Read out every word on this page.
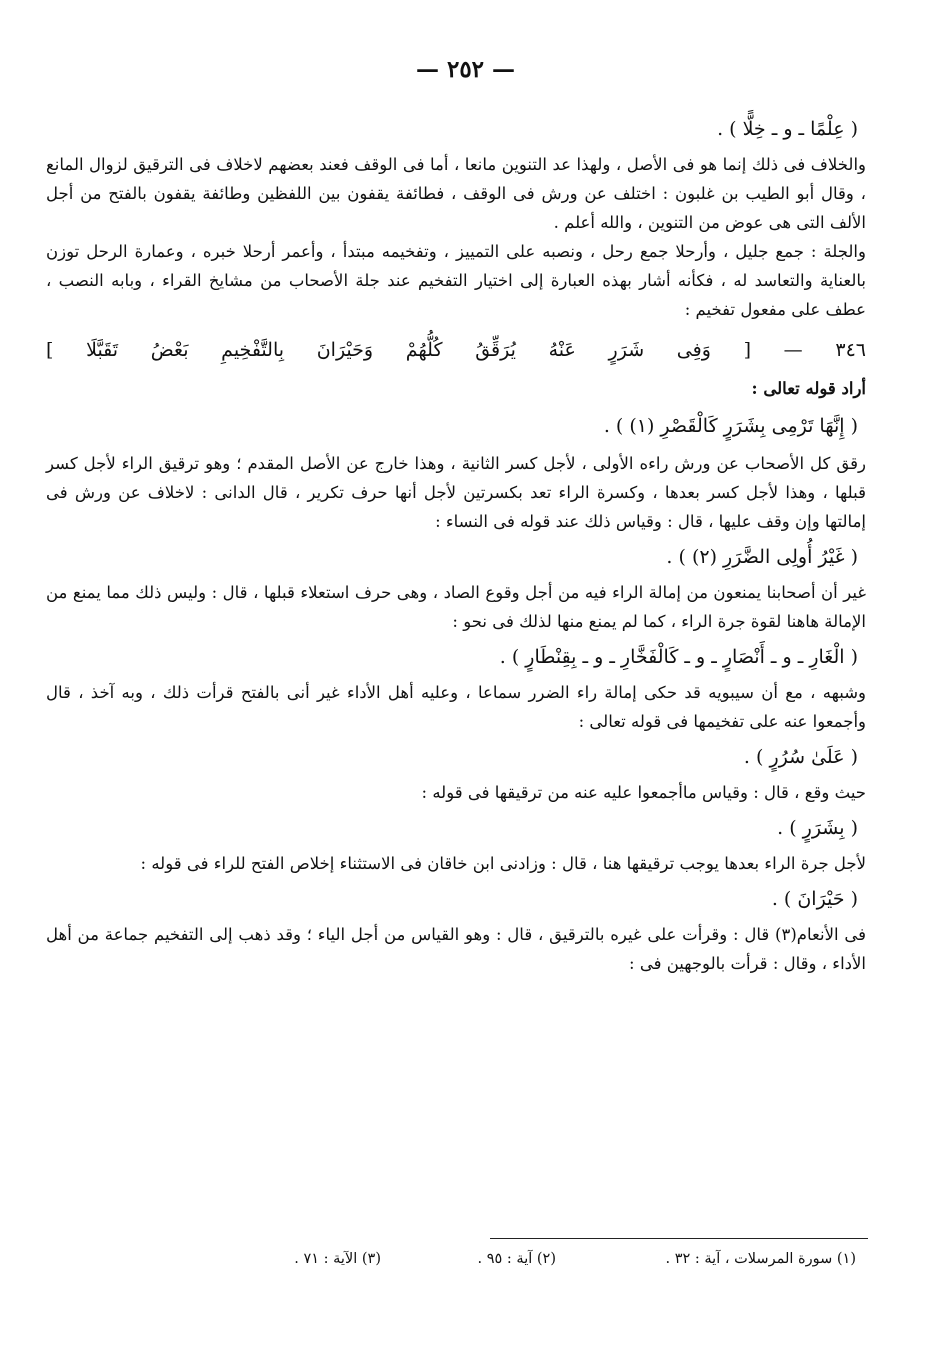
— ٢٥٢ —

( عِلْمًا ـ و ـ خِلًّا ) .

والخلاف فى ذلك إنما هو فى الأصل ، ولهذا عد التنوين مانعا ، أما فى الوقف فعند بعضهم لاخلاف فى الترقيق لزوال المانع ، وقال أبو الطيب بن غلبون : اختلف عن ورش فى الوقف ، فطائفة يقفون بين اللفظين وطائفة يقفون بالفتح من أجل الألف التى هى عوض من التنوين ، والله أعلم .

والجلة : جمع جليل ، وأرحلا جمع رحل ، ونصبه على التمييز ، وتفخيمه مبتدأ ، وأعمر أرحلا خبره ، وعمارة الرحل توزن بالعناية والتعاسد له ، فكأنه أشار بهذه العبارة إلى اختيار التفخيم عند جلة الأصحاب من مشايخ القراء ، وبابه النصب ، عطف على مفعول تفخيم :

٣٤٦ — [ وَفِى شَرَرٍ عَنْهُ يُرَقِّقُ كُلُّهُمْ وَحَيْرَانَ بِالتَّفْخِيمِ بَعْضُ تَقَبَّلَا ]

أراد قوله تعالى :

( إِنَّهَا تَرْمِى بِشَرَرٍ كَالْقَصْرِ (١) ) .

رقق كل الأصحاب عن ورش راءه الأولى ، لأجل كسر الثانية ، وهذا خارج عن الأصل المقدم ؛ وهو ترقيق الراء لأجل كسر قبلها ، وهذا لأجل كسر بعدها ، وكسرة الراء تعد بكسرتين لأجل أنها حرف تكرير ، قال الدانى : لاخلاف عن ورش فى إمالتها وإن وقف عليها ، قال : وقياس ذلك عند قوله فى النساء :

( غَيْرُ أُولِى الضَّرَرِ (٢) ) .

غير أن أصحابنا يمنعون من إمالة الراء فيه من أجل وقوع الصاد ، وهى حرف استعلاء قبلها ، قال : وليس ذلك مما يمنع من الإمالة هاهنا لقوة جرة الراء ، كما لم يمنع منها لذلك فى نحو :

( الْغَارِ ـ و ـ أَنْصَارٍ ـ و ـ كَالْفَخَّارِ ـ و ـ بِقِنْطَارٍ ) .

وشبهه ، مع أن سيبويه قد حكى إمالة راء الضرر سماعا ، وعليه أهل الأداء غير أنى بالفتح قرأت ذلك ، وبه آخذ ، قال وأجمعوا عنه على تفخيمها فى قوله تعالى :

( عَلَىٰ سُرُرٍ ) .

حيث وقع ، قال : وقياس ماأجمعوا عليه عنه من ترقيقها فى قوله :

( بِشَرَرٍ ) .

لأجل جرة الراء بعدها يوجب ترقيقها هنا ، قال : وزادنى ابن خاقان فى الاستثناء إخلاص الفتح للراء فى قوله :

( حَيْرَانَ ) .

فى الأنعام(٣) قال : وقرأت على غيره بالترقيق ، قال : وهو القياس من أجل الياء ؛ وقد ذهب إلى التفخيم جماعة من أهل الأداء ، وقال : قرأت بالوجهين فى :

(١) سورة المرسلات ، آية : ٣٢ .
(٢) آية : ٩٥ .
(٣) الآية : ٧١ .
